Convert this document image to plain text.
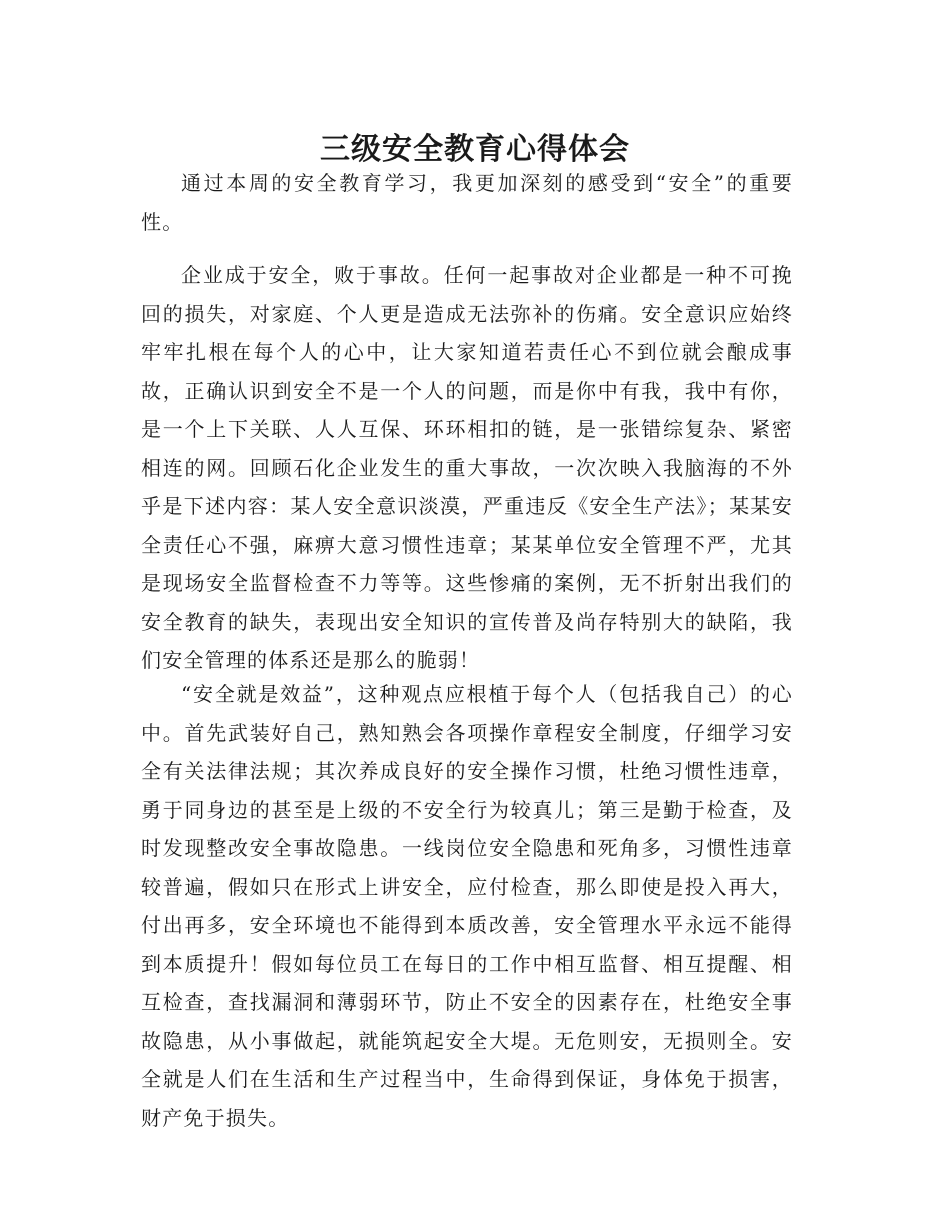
三级安全教育心得体会

通过本周的安全教育学习，我更加深刻的感受到“安全”的重要性。

企业成于安全，败于事故。任何一起事故对企业都是一种不可挽回的损失，对家庭、个人更是造成无法弥补的伤痛。安全意识应始终牢牢扎根在每个人的心中，让大家知道若责任心不到位就会酿成事故，正确认识到安全不是一个人的问题，而是你中有我，我中有你，是一个上下关联、人人互保、环环相扣的链，是一张错综复杂、紧密相连的网。回顾石化企业发生的重大事故，一次次映入我脑海的不外乎是下述内容：某人安全意识淡漠，严重违反《安全生产法》；某某安全责任心不强，麻痹大意习惯性违章；某某单位安全管理不严，尤其是现场安全监督检查不力等等。这些惨痛的案例，无不折射出我们的安全教育的缺失，表现出安全知识的宣传普及尚存特别大的缺陷，我们安全管理的体系还是那么的脆弱！

“安全就是效益”，这种观点应根植于每个人（包括我自己）的心中。首先武装好自己，熟知熟会各项操作章程安全制度，仔细学习安全有关法律法规；其次养成良好的安全操作习惯，杜绝习惯性违章，勇于同身边的甚至是上级的不安全行为较真儿；第三是勤于检查，及时发现整改安全事故隐患。一线岗位安全隐患和死角多，习惯性违章较普遍，假如只在形式上讲安全，应付检查，那么即使是投入再大，付出再多，安全环境也不能得到本质改善，安全管理水平永远不能得到本质提升！假如每位员工在每日的工作中相互监督、相互提醒、相互检查，查找漏洞和薄弱环节，防止不安全的因素存在，杜绝安全事故隐患，从小事做起，就能筑起安全大堤。无危则安，无损则全。安全就是人们在生活和生产过程当中，生命得到保证，身体免于损害，财产免于损失。
